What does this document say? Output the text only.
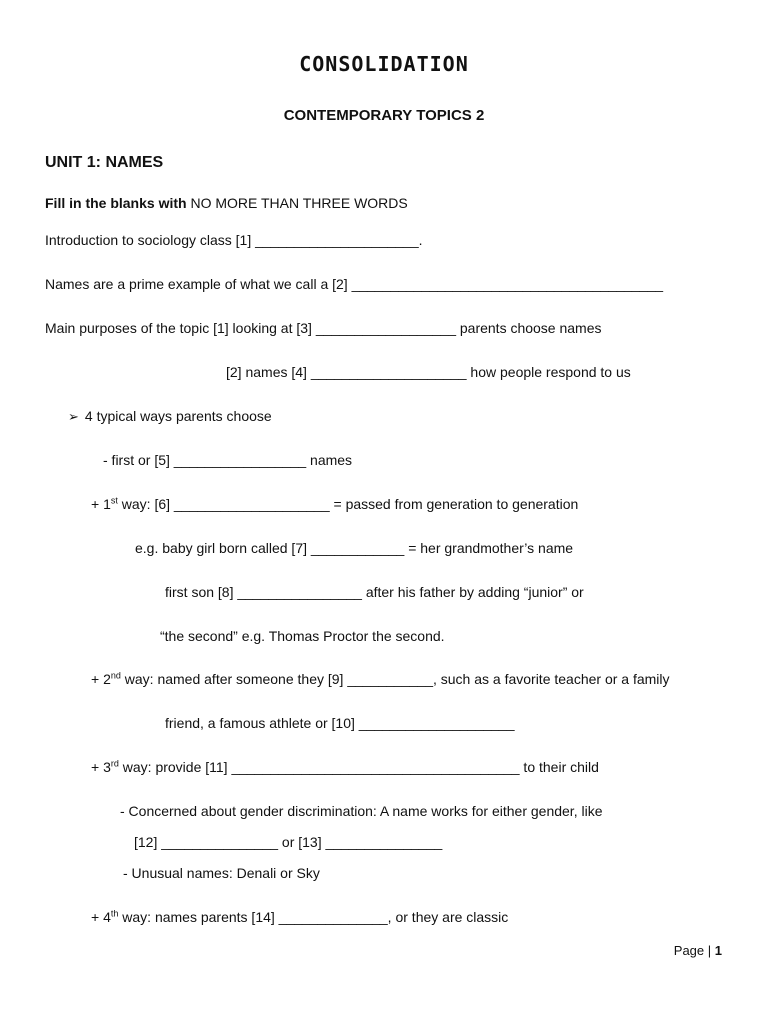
CONSOLIDATION
CONTEMPORARY TOPICS 2
UNIT 1: NAMES
Fill in the blanks with NO MORE THAN THREE WORDS
Introduction to sociology class [1] _____________________.
Names are a prime example of what we call a [2] ________________________________________
Main purposes of the topic [1] looking at [3] __________________ parents choose names
[2] names [4] ____________________ how people respond to us
➢ 4 typical ways parents choose
- first or [5] _________________ names
+ 1st way: [6] ____________________ = passed from generation to generation
e.g. baby girl born called [7] ____________ = her grandmother’s name
first son [8] ________________ after his father by adding “junior” or
“the second” e.g. Thomas Proctor the second.
+ 2nd way: named after someone they [9] ___________, such as a favorite teacher or a family
friend, a famous athlete or [10] ____________________
+ 3rd way: provide [11] _____________________________________ to their child
- Concerned about gender discrimination: A name works for either gender, like
[12] _______________ or [13] _______________
- Unusual names: Denali or Sky
+ 4th way: names parents [14] ______________, or they are classic
Page | 1
